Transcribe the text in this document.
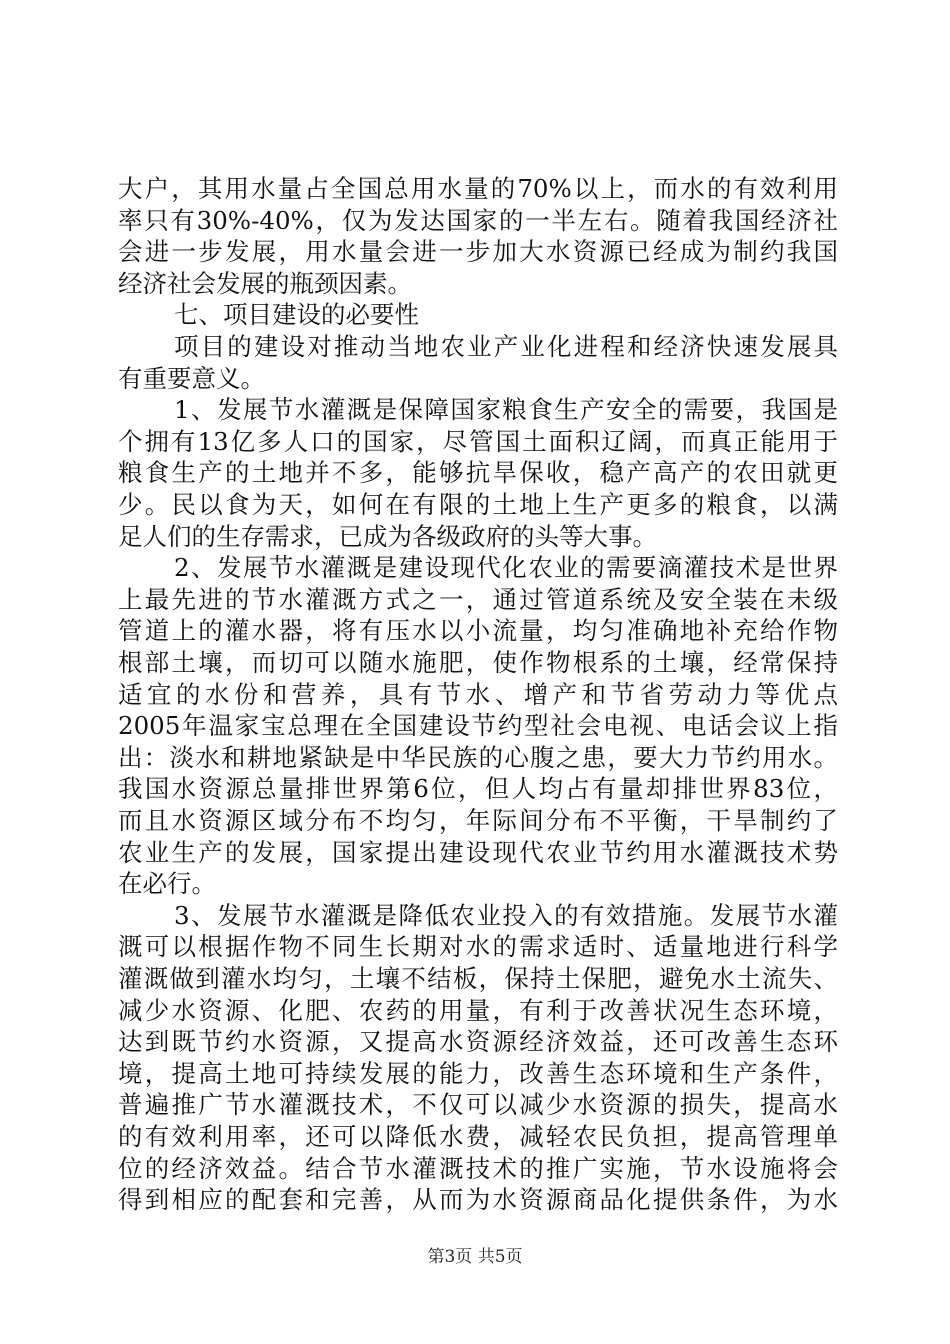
大户，其用水量占全国总用水量的70%以上，而水的有效利用
率只有30%-40%，仅为发达国家的一半左右。随着我国经济社
会进一步发展，用水量会进一步加大水资源已经成为制约我国
经济社会发展的瓶颈因素。
七、项目建设的必要性
项目的建设对推动当地农业产业化进程和经济快速发展具
有重要意义。
1、发展节水灌溉是保障国家粮食生产安全的需要，我国是
个拥有13亿多人口的国家，尽管国土面积辽阔，而真正能用于
粮食生产的土地并不多，能够抗旱保收，稳产高产的农田就更
少。民以食为天，如何在有限的土地上生产更多的粮食，以满
足人们的生存需求，已成为各级政府的头等大事。
2、发展节水灌溉是建设现代化农业的需要滴灌技术是世界
上最先进的节水灌溉方式之一，通过管道系统及安全装在未级
管道上的灌水器，将有压水以小流量，均匀准确地补充给作物
根部土壤，而切可以随水施肥，使作物根系的土壤，经常保持
适宜的水份和营养，具有节水、增产和节省劳动力等优点
2005年温家宝总理在全国建设节约型社会电视、电话会议上指
出：淡水和耕地紧缺是中华民族的心腹之患，要大力节约用水。
我国水资源总量排世界第6位，但人均占有量却排世界83位，
而且水资源区域分布不均匀，年际间分布不平衡，干旱制约了
农业生产的发展，国家提出建设现代农业节约用水灌溉技术势
在必行。
3、发展节水灌溉是降低农业投入的有效措施。发展节水灌
溉可以根据作物不同生长期对水的需求适时、适量地进行科学
灌溉做到灌水均匀，土壤不结板，保持土保肥，避免水土流失、
减少水资源、化肥、农药的用量，有利于改善状况生态环境，
达到既节约水资源，又提高水资源经济效益，还可改善生态环
境，提高土地可持续发展的能力，改善生态环境和生产条件，
普遍推广节水灌溉技术，不仅可以减少水资源的损失，提高水
的有效利用率，还可以降低水费，减轻农民负担，提高管理单
位的经济效益。结合节水灌溉技术的推广实施，节水设施将会
得到相应的配套和完善，从而为水资源商品化提供条件，为水
第3页 共5页
